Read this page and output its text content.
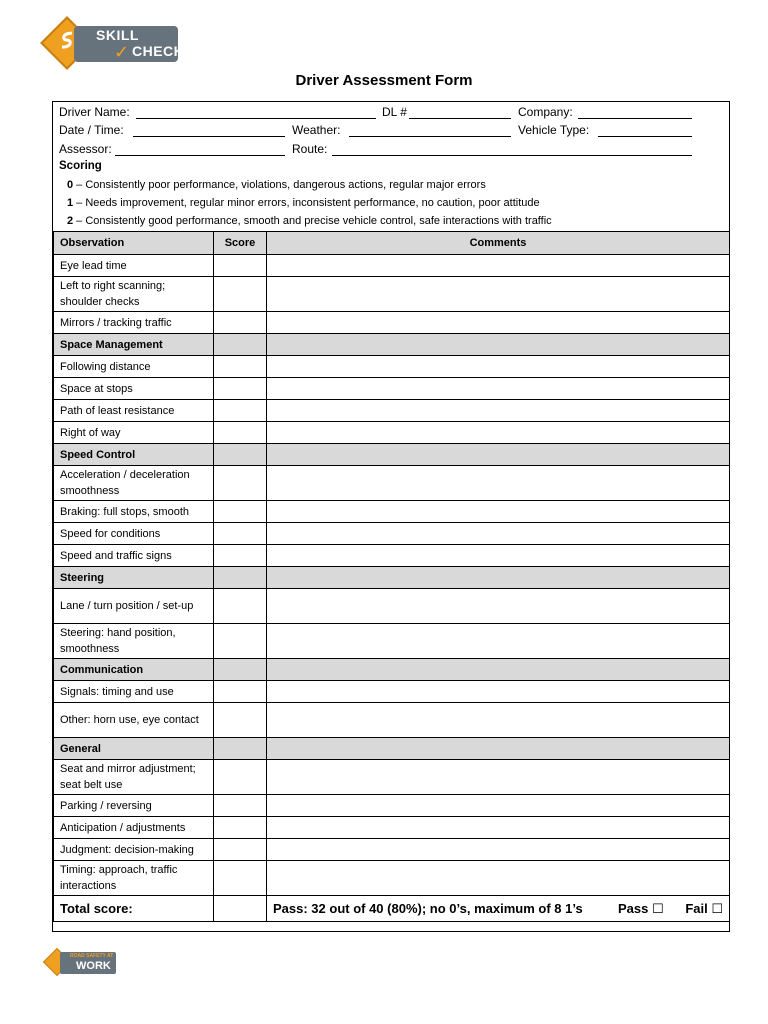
SKILL
✓ CHECK
Driver Assessment Form
Driver Name:	DL #	Company:
Date / Time:	Weather:	Vehicle Type:
Assessor:	Route:
Scoring
0 – Consistently poor performance, violations, dangerous actions, regular major errors
1 – Needs improvement, regular minor errors, inconsistent performance, no caution, poor attitude
2 – Consistently good performance, smooth and precise vehicle control, safe interactions with traffic
Observation	Score	Comments
Eye lead time		
Left to right scanning; shoulder checks		
Mirrors / tracking traffic		
Space Management		
Following distance		
Space at stops		
Path of least resistance		
Right of way		
Speed Control		
Acceleration / deceleration smoothness		
Braking: full stops, smooth		
Speed for conditions		
Speed and traffic signs		
Steering		
Lane / turn position / set-up		
Steering: hand position, smoothness		
Communication		
Signals: timing and use		
Other: horn use, eye contact		
General		
Seat and mirror adjustment; seat belt use		
Parking / reversing		
Anticipation / adjustments		
Judgment: decision-making		
Timing: approach, traffic interactions		
Total score:		Pass: 32 out of 40 (80%); no 0’s, maximum of 8 1’s Pass ☐ Fail ☐
ROAD SAFETY AT
WORK
